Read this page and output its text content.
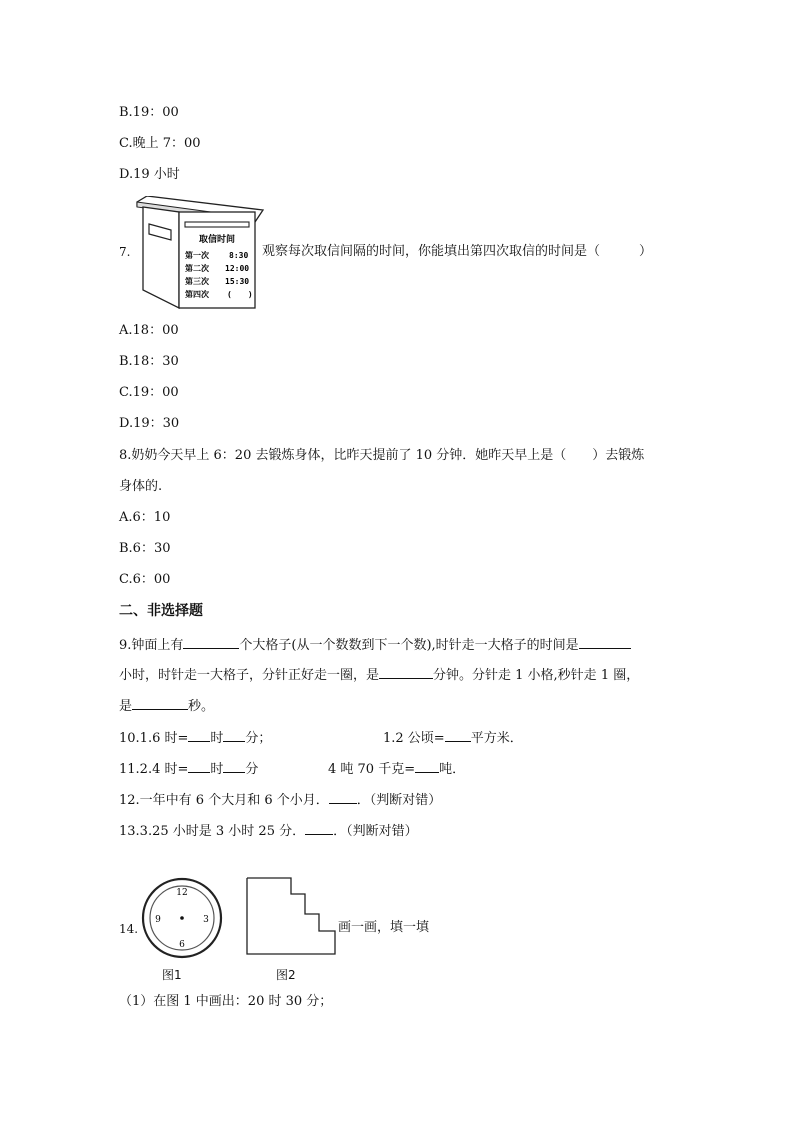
B.19：00
C.晚上 7：00
D.19 小时
7.
取信时间
第一次	8:30
第二次 12:00
第三次 15:30
第四次 (　　)
观察每次取信间隔的时间，你能填出第四次取信的时间是（　　　）
A.18：00
B.18：30
C.19：00
D.19：30
8.奶奶今天早上 6：20 去锻炼身体，比昨天提前了 10 分钟．她昨天早上是（　　）去锻炼
身体的.
A.6：10
B.6：30
C.6：00
二、非选择题
9.钟面上有	个大格子(从一个数数到下一个数),时针走一大格子的时间是
小时，时针走一大格子，分针正好走一圈，是	分钟。分针走 1 小格,秒针走 1 圈，
是	秒。
10.1.6 时= 时 分；	1.2 公顷= 平方米．
11.2.4 时= 时 分	4 吨 70 千克= 吨．
12.一年中有 6 个大月和 6 个小月． ．（判断对错）
13.3.25 小时是 3 小时 25 分． ．（判断对错）
14.
12
3
6
9	画一画，填一填
图1	图2
（1）在图 1 中画出：20 时 30 分；
